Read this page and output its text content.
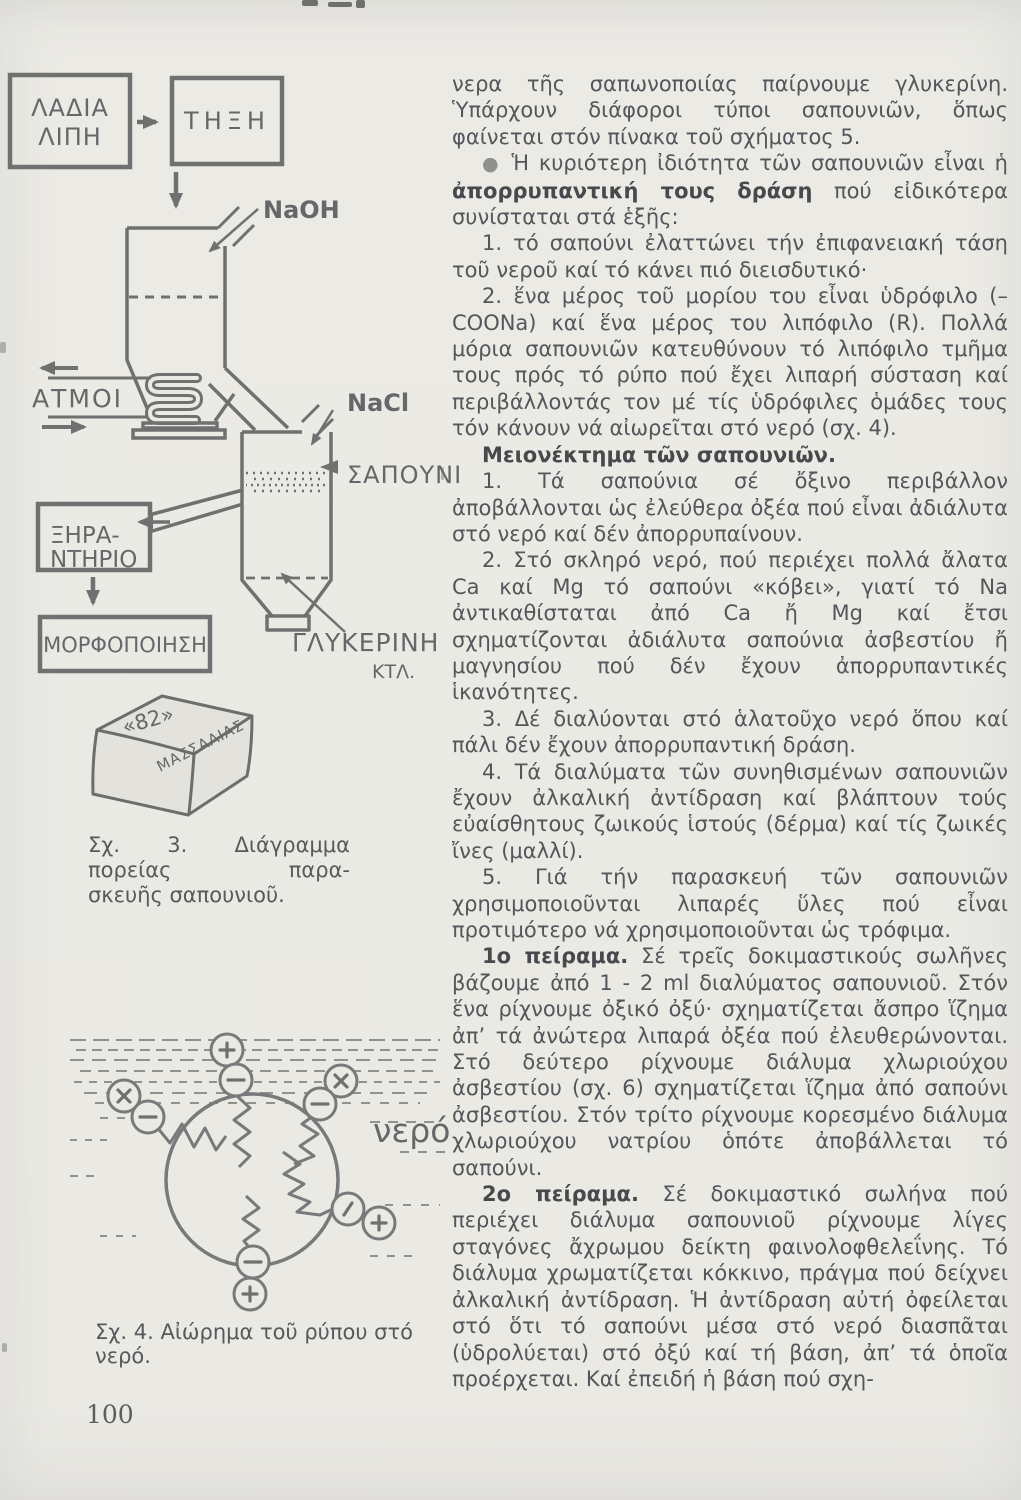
ΛΑΔΙΑ
ΛΙΠΗ
ΤΗΞΗ
NaOH
ΑΤΜΟΙ	NaCl
ΣΑΠΟΥΝΙ
ΓΛΥΚΕΡΙΝΗ
ΚΤΛ.
ΞΗΡΑ-
ΝΤΗΡΙΟ
ΜΟΡΦΟΠΟΙΗΣΗ
«82»
ΜΑΣΣΑΛΙΑΣ
Σχ. 3. Διάγραμμα πορείας παρα-
σκευῆς σαπουνιοῦ.
νερό
Σχ. 4. Αἰώρημα τοῦ ρύπου στό νερό.

νερα τῆς σαπωνοποιίας παίρνουμε γλυκερίνη. Ὑπάρχουν διάφοροι τύποι σαπουνιῶν, ὅπως φαίνεται στόν πίνακα τοῦ σχήματος 5.

● Ἡ κυριότερη ἰδιότητα τῶν σαπουνιῶν εἶναι ἡ ἀπορρυπαντική τους δράση πού εἰδικότερα συνίσταται στά ἑξῆς:

1. τό σαπούνι ἐλαττώνει τήν ἐπιφανειακή τάση τοῦ νεροῦ καί τό κάνει πιό διεισδυτικό·

2. ἕνα μέρος τοῦ μορίου του εἶναι ὑδρόφιλο (–COONa) καί ἕνα μέρος του λιπόφιλο (R). Πολλά μόρια σαπουνιῶν κατευθύνουν τό λιπόφιλο τμῆμα τους πρός τό ρύπο πού ἔχει λιπαρή σύσταση καί περιβάλλοντάς τον μέ τίς ὑδρόφιλες ὁμάδες τους τόν κάνουν νά αἰωρεῖται στό νερό (σχ. 4).

Μειονέκτημα τῶν σαπουνιῶν.

1. Τά σαπούνια σέ ὄξινο περιβάλλον ἀποβάλλονται ὡς ἐλεύθερα ὀξέα πού εἶναι ἀδιάλυτα στό νερό καί δέν ἀπορρυπαίνουν.

2. Στό σκληρό νερό, πού περιέχει πολλά ἄλατα Ca καί Mg τό σαπούνι «κόβει», γιατί τό Na ἀντικαθίσταται ἀπό Ca ἤ Mg καί ἔτσι σχηματίζονται ἀδιάλυτα σαπούνια ἀσβεστίου ἤ μαγνησίου πού δέν ἔχουν ἀπορρυπαντικές ἱκανότητες.

3. Δέ διαλύονται στό ἁλατοῦχο νερό ὅπου καί πάλι δέν ἔχουν ἀπορρυπαντική δράση.

4. Τά διαλύματα τῶν συνηθισμένων σαπουνιῶν ἔχουν ἀλκαλική ἀντίδραση καί βλάπτουν τούς εὐαίσθητους ζωικούς ἱστούς (δέρμα) καί τίς ζωικές ἴνες (μαλλί).

5. Γιά τήν παρασκευή τῶν σαπουνιῶν χρησιμοποιοῦνται λιπαρές ὕλες πού εἶναι προτιμότερο νά χρησιμοποιοῦνται ὡς τρόφιμα.

1ο πείραμα. Σέ τρεῖς δοκιμαστικούς σωλῆνες βάζουμε ἀπό 1 - 2 ml διαλύματος σαπουνιοῦ. Στόν ἕνα ρίχνουμε ὀξικό ὀξύ· σχηματίζεται ἄσπρο ἵζημα ἀπ’ τά ἀνώτερα λιπαρά ὀξέα πού ἐλευθερώνονται. Στό δεύτερο ρίχνουμε διάλυμα χλωριούχου ἀσβεστίου (σχ. 6) σχηματίζεται ἵζημα ἀπό σαπούνι ἀσβεστίου. Στόν τρίτο ρίχνουμε κορεσμένο διάλυμα χλωριούχου νατρίου ὁπότε ἀποβάλλεται τό σαπούνι.

2ο πείραμα. Σέ δοκιμαστικό σωλήνα πού περιέχει διάλυμα σαπουνιοῦ ρίχνουμε λίγες σταγόνες ἄχρωμου δείκτη φαινολοφθελεΐνης. Τό διάλυμα χρωματίζεται κόκκινο, πράγμα πού δείχνει ἀλκαλική ἀντίδραση. Ἡ ἀντίδραση αὐτή ὀφείλεται στό ὅτι τό σαπούνι μέσα στό νερό διασπᾶται (ὑδρολύεται) στό ὀξύ καί τή βάση, ἀπ’ τά ὁποῖα προέρχεται. Καί ἐπειδή ἡ βάση πού σχη-

100
